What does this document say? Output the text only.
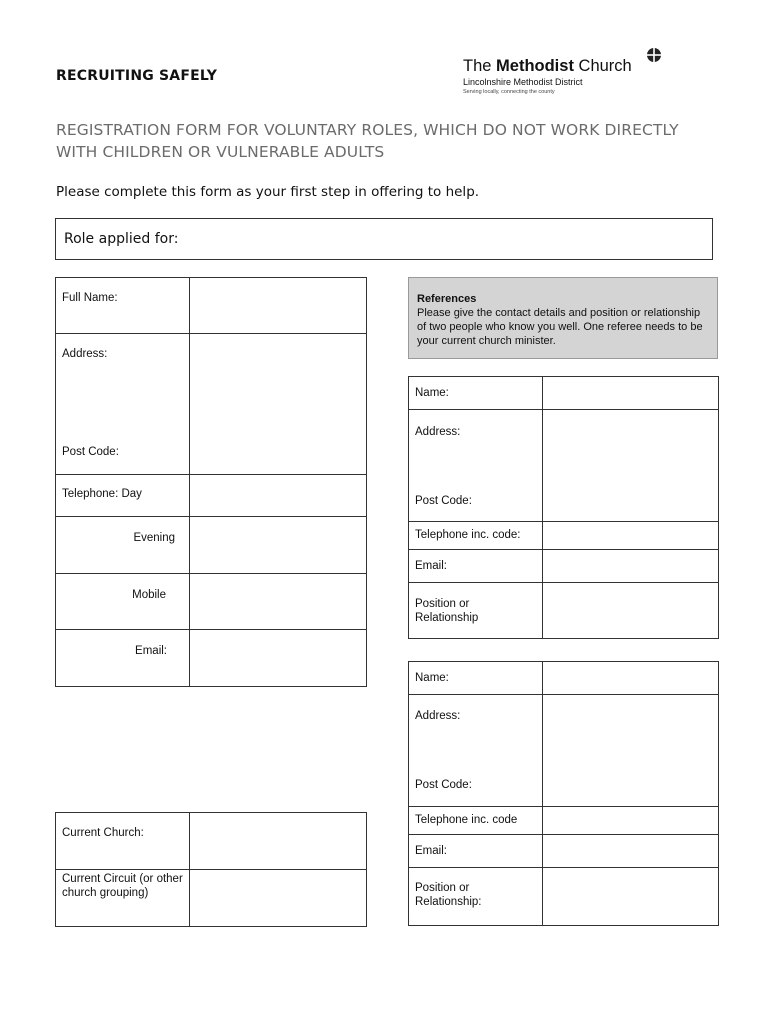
RECRUITING SAFELY
The Methodist Church
Lincolnshire Methodist District
Serving locally, connecting the county
REGISTRATION FORM FOR VOLUNTARY ROLES, WHICH DO NOT WORK DIRECTLY WITH CHILDREN OR VULNERABLE ADULTS
Please complete this form as your first step in offering to help.
Role applied for:
Full Name:	

Address:
Post Code:	

Telephone: Day	

Evening	

Mobile	

Email:	

Current Church:	

Current Circuit (or other church grouping)	

References
Please give the contact details and position or relationship of two people who know you well. One referee needs to be your current church minister.
Name:	

Address:
Post Code:	

Telephone inc. code:	

Email:	

Position or Relationship	

Name:	

Address:
Post Code:	

Telephone inc. code	

Email:	

Position or Relationship:	
